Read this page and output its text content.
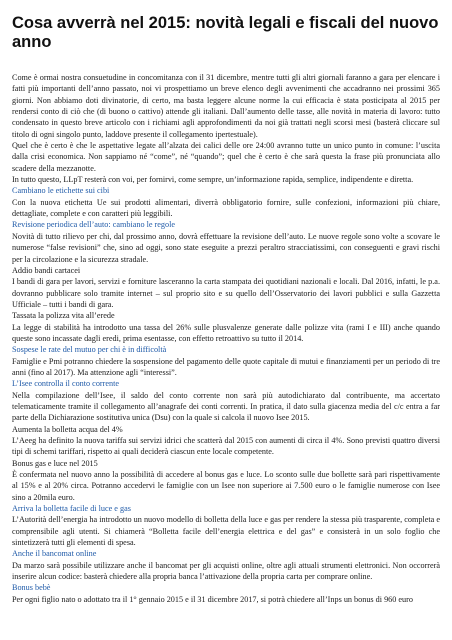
Cosa avverrà nel 2015: novità legali e fiscali del nuovo anno

Come è ormai nostra consuetudine in concomitanza con il 31 dicembre, mentre tutti gli altri giornali faranno a gara per elencare i fatti più importanti dell’anno passato, noi vi prospettiamo un breve elenco degli avvenimenti che accadranno nei prossimi 365 giorni. Non abbiamo doti divinatorie, di certo, ma basta leggere alcune norme la cui efficacia è stata posticipata al 2015 per rendersi conto di ciò che (di buono o cattivo) attende gli italiani. Dall’aumento delle tasse, alle novità in materia di lavoro: tutto condensato in questo breve articolo con i richiami agli approfondimenti da noi già trattati negli scorsi mesi (basterà cliccare sul titolo di ogni singolo punto, laddove presente il collegamento ipertestuale).

Quel che è certo è che le aspettative legate all’alzata dei calici delle ore 24:00 avranno tutte un unico punto in comune: l’uscita dalla crisi economica. Non sappiamo né “come”, né “quando”; quel che è certo è che sarà questa la frase più pronunciata allo scadere della mezzanotte.

In tutto questo, LLpT resterà con voi, per fornirvi, come sempre, un’informazione rapida, semplice, indipendente e diretta.

Cambiano le etichette sui cibi

Con la nuova etichetta Ue sui prodotti alimentari, diverrà obbligatorio fornire, sulle confezioni, informazioni più chiare, dettagliate, complete e con caratteri più leggibili.

Revisione periodica dell’auto: cambiano le regole

Novità di tutto rilievo per chi, dal prossimo anno, dovrà effettuare la revisione dell’auto. Le nuove regole sono volte a scovare le numerose “false revisioni” che, sino ad oggi, sono state eseguite a prezzi peraltro stracciatissimi, con conseguenti e gravi rischi per la circolazione e la sicurezza stradale.

Addio bandi cartacei

I bandi di gara per lavori, servizi e forniture lasceranno la carta stampata dei quotidiani nazionali e locali. Dal 2016, infatti, le p.a. dovranno pubblicare solo tramite internet – sul proprio sito e su quello dell’Osservatorio dei lavori pubblici e sulla Gazzetta Ufficiale – tutti i bandi di gara.

Tassata la polizza vita all’erede

La legge di stabilità ha introdotto una tassa del 26% sulle plusvalenze generate dalle polizze vita (rami I e III) anche quando queste sono incassate dagli eredi, prima esentasse, con effetto retroattivo su tutto il 2014.

Sospese le rate del mutuo per chi è in difficoltà

Famiglie e Pmi potranno chiedere la sospensione del pagamento delle quote capitale di mutui e finanziamenti per un periodo di tre anni (fino al 2017). Ma attenzione agli “interessi”.

L’Isee controlla il conto corrente

Nella compilazione dell’Isee, il saldo del conto corrente non sarà più autodichiarato dal contribuente, ma accertato telematicamente tramite il collegamento all’anagrafe dei conti correnti. In pratica, il dato sulla giacenza media del c/c entra a far parte della Dichiarazione sostitutiva unica (Dsu) con la quale si calcola il nuovo Isee 2015.

Aumenta la bolletta acqua del 4%

L’Aeeg ha definito la nuova tariffa sui servizi idrici che scatterà dal 2015 con aumenti di circa il 4%. Sono previsti quattro diversi tipi di schemi tariffari, rispetto ai quali deciderà ciascun ente locale competente.

Bonus gas e luce nel 2015

È confermata nel nuovo anno la possibilità di accedere al bonus gas e luce. Lo sconto sulle due bollette sarà pari rispettivamente al 15% e al 20% circa. Potranno accedervi le famiglie con un Isee non superiore ai 7.500 euro o le famiglie numerose con Isee sino a 20mila euro.

Arriva la bolletta facile di luce e gas

L’Autorità dell’energia ha introdotto un nuovo modello di bolletta della luce e gas per rendere la stessa più trasparente, completa e comprensibile agli utenti. Si chiamerà “Bolletta facile dell’energia elettrica e del gas” e consisterà in un solo foglio che sintetizzerà tutti gli elementi di spesa.

Anche il bancomat online

Da marzo sarà possibile utilizzare anche il bancomat per gli acquisti online, oltre agli attuali strumenti elettronici. Non occorrerà inserire alcun codice: basterà chiedere alla propria banca l’attivazione della propria carta per comprare online.

Bonus bebè

Per ogni figlio nato o adottato tra il 1° gennaio 2015 e il 31 dicembre 2017, si potrà chiedere all’Inps un bonus di 960 euro
